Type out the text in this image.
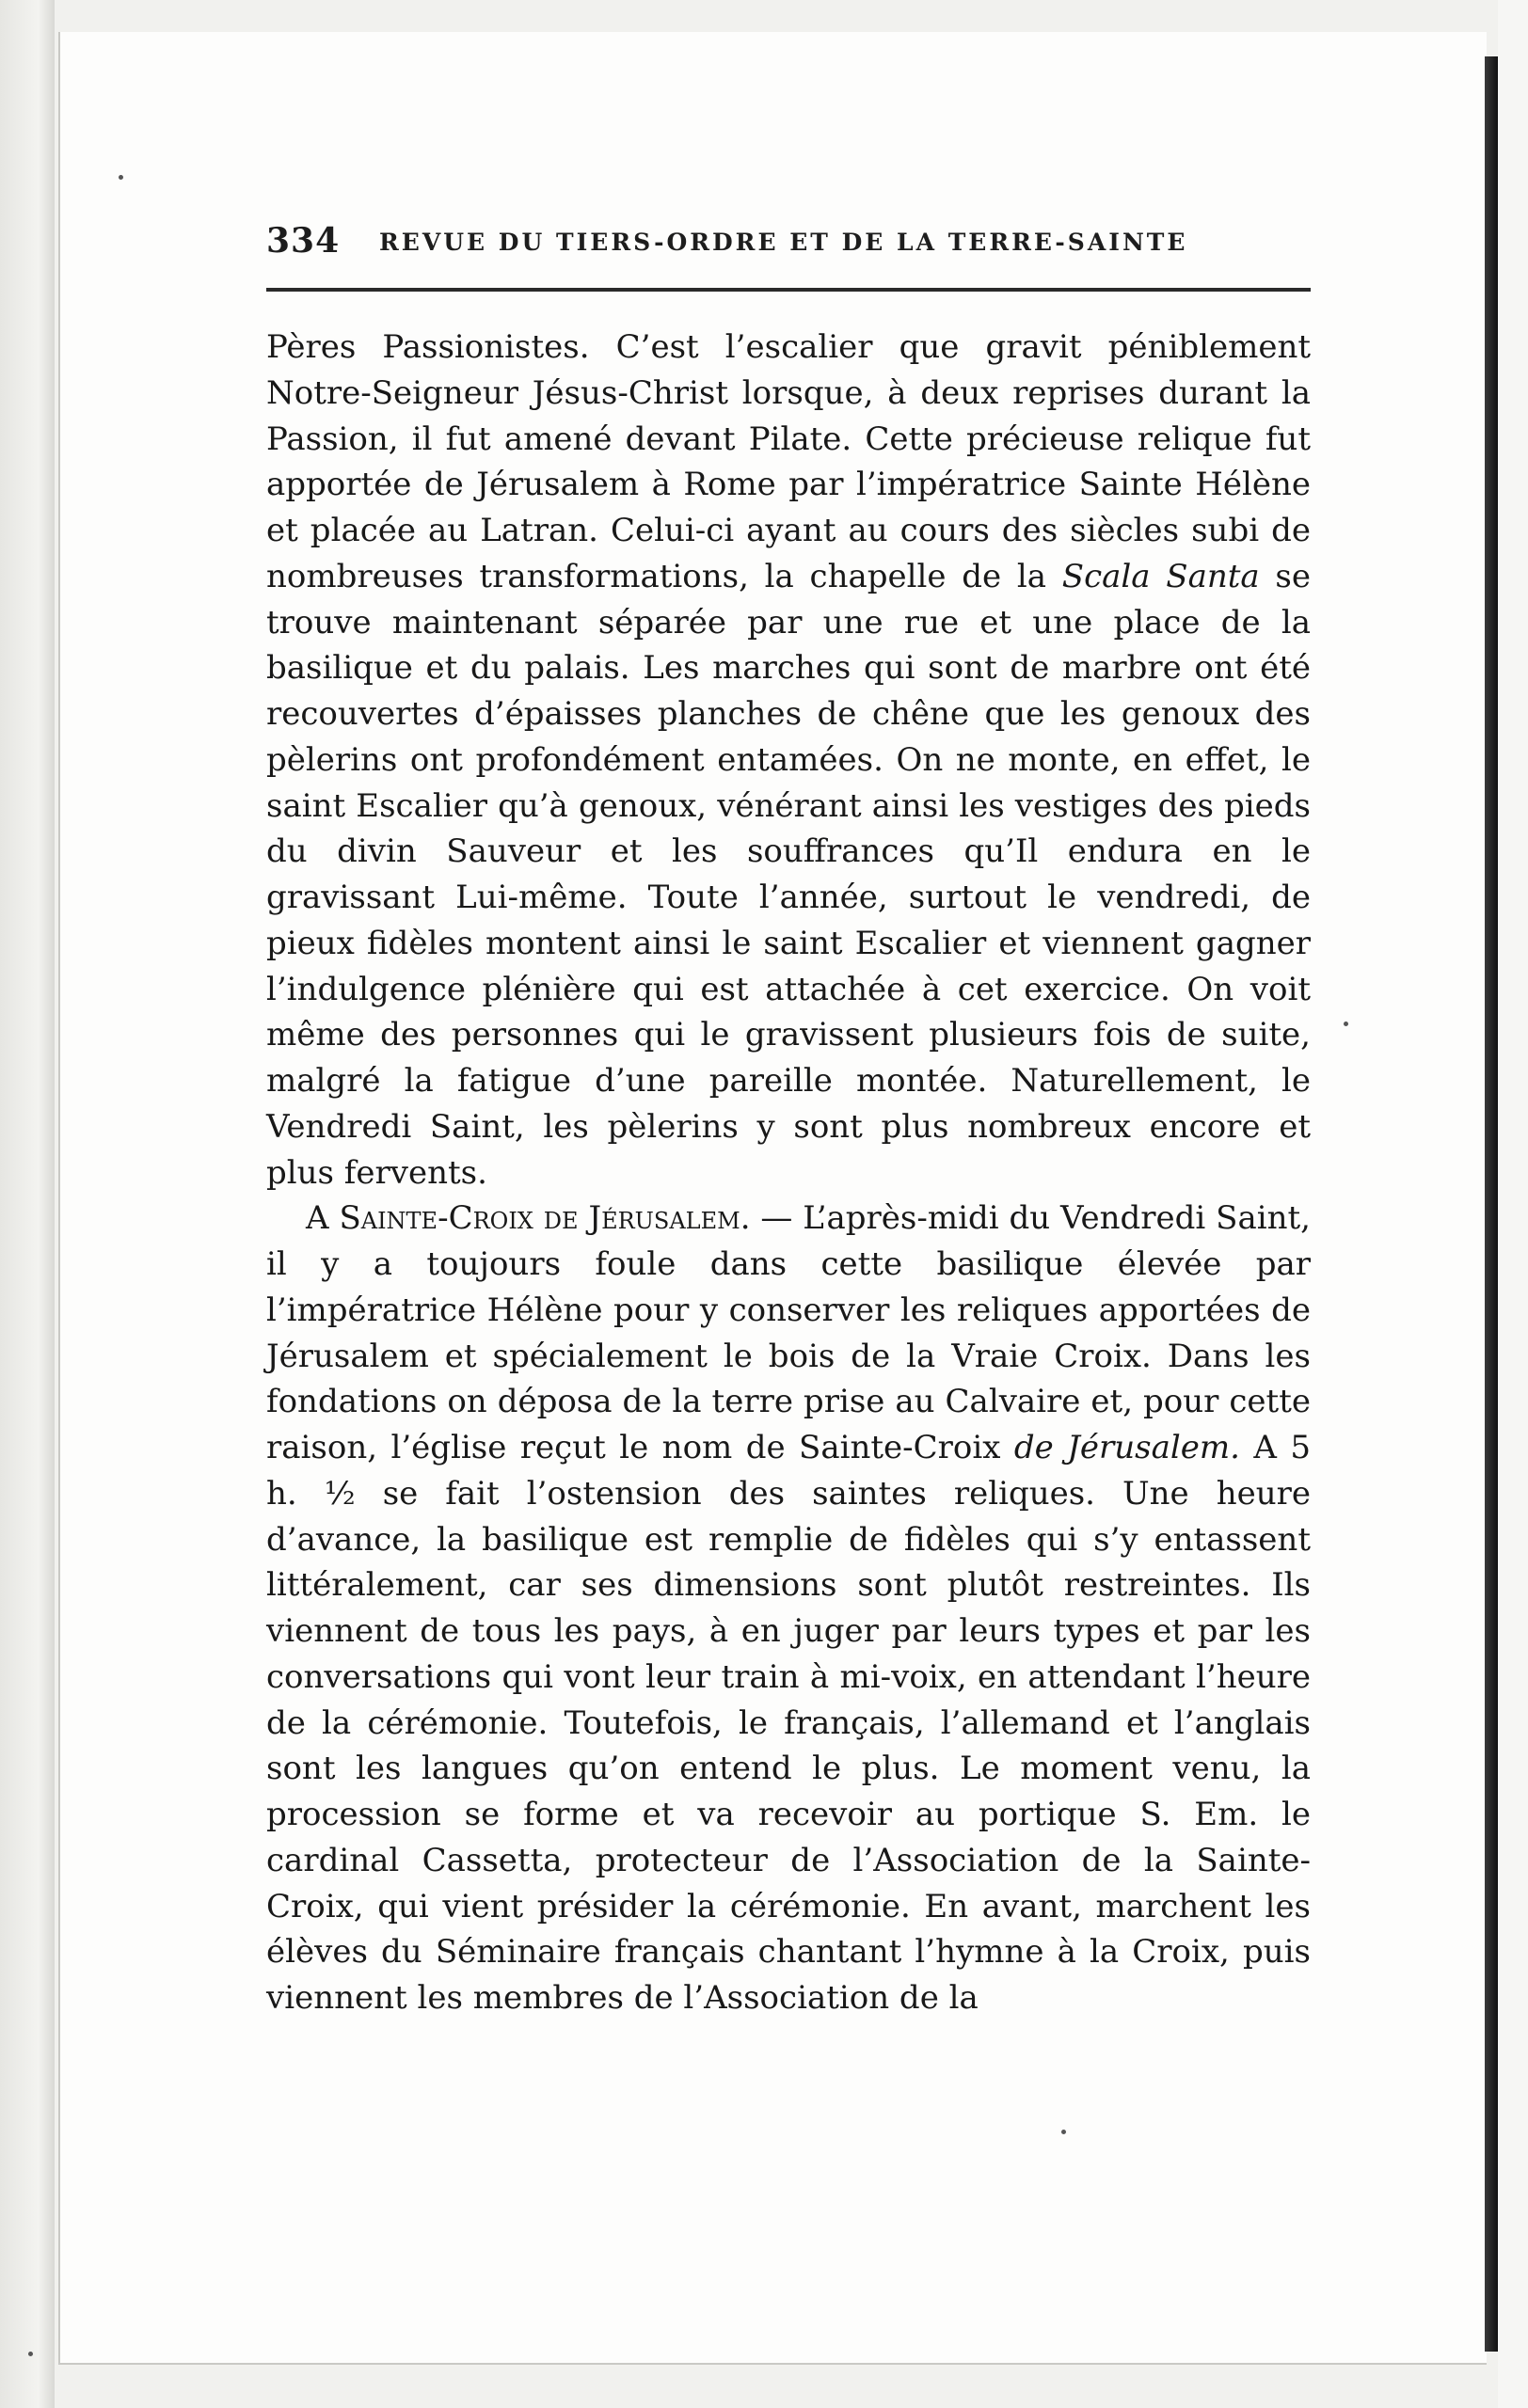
334 REVUE DU TIERS-ORDRE ET DE LA TERRE-SAINTE

Pères Passionistes. C’est l’escalier que gravit péniblement Notre-Seigneur Jésus-Christ lorsque, à deux reprises durant la Passion, il fut amené devant Pilate. Cette précieuse relique fut apportée de Jérusalem à Rome par l’impératrice Sainte Hélène et placée au Latran. Celui-ci ayant au cours des siècles subi de nombreuses transformations, la chapelle de la Scala Santa se trouve maintenant séparée par une rue et une place de la basilique et du palais. Les marches qui sont de marbre ont été recouvertes d’épaisses planches de chêne que les genoux des pèlerins ont profondément entamées. On ne monte, en effet, le saint Escalier qu’à genoux, vénérant ainsi les vestiges des pieds du divin Sauveur et les souffrances qu’Il endura en le gravissant Lui-même. Toute l’année, surtout le vendredi, de pieux fidèles montent ainsi le saint Escalier et viennent gagner l’indulgence plénière qui est attachée à cet exercice. On voit même des personnes qui le gravissent plusieurs fois de suite, malgré la fatigue d’une pareille montée. Naturellement, le Vendredi Saint, les pèlerins y sont plus nombreux encore et plus fervents.

A Sainte-Croix de Jérusalem. — L’après-midi du Vendredi Saint, il y a toujours foule dans cette basilique élevée par l’impératrice Hélène pour y conserver les reliques apportées de Jérusalem et spécialement le bois de la Vraie Croix. Dans les fondations on déposa de la terre prise au Calvaire et, pour cette raison, l’église reçut le nom de Sainte-Croix de Jérusalem. A 5 h. ½ se fait l’ostension des saintes reliques. Une heure d’avance, la basilique est remplie de fidèles qui s’y entassent littéralement, car ses dimensions sont plutôt restreintes. Ils viennent de tous les pays, à en juger par leurs types et par les conversations qui vont leur train à mi-voix, en attendant l’heure de la cérémonie. Toutefois, le français, l’allemand et l’anglais sont les langues qu’on entend le plus. Le moment venu, la procession se forme et va recevoir au portique S. Em. le cardinal Cassetta, protecteur de l’Association de la Sainte-Croix, qui vient présider la cérémonie. En avant, marchent les élèves du Séminaire français chantant l’hymne à la Croix, puis viennent les membres de l’Association de la
